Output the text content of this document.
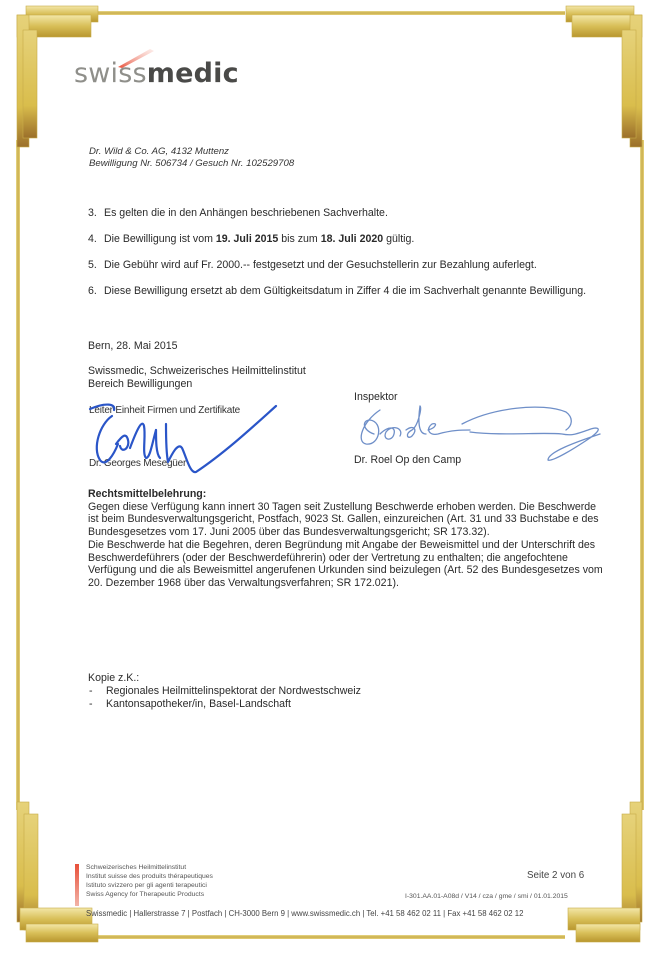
swissmedic
Dr. Wild & Co. AG, 4132 Muttenz
Bewilligung Nr. 506734 / Gesuch Nr. 102529708
3. Es gelten die in den Anhängen beschriebenen Sachverhalte.
4. Die Bewilligung ist vom 19. Juli 2015 bis zum 18. Juli 2020 gültig.
5. Die Gebühr wird auf Fr. 2000.-- festgesetzt und der Gesuchstellerin zur Bezahlung auferlegt.
6. Diese Bewilligung ersetzt ab dem Gültigkeitsdatum in Ziffer 4 die im Sachverhalt genannte Bewilligung.
Bern, 28. Mai 2015
Swissmedic, Schweizerisches Heilmittelinstitut
Bereich Bewilligungen
Leiter Einheit Firmen und Zertifikate
Dr. Georges Mesegüer
Inspektor
Dr. Roel Op den Camp
Rechtsmittelbelehrung:
Gegen diese Verfügung kann innert 30 Tagen seit Zustellung Beschwerde erhoben werden. Die Beschwerde ist beim Bundesverwaltungsgericht, Postfach, 9023 St. Gallen, einzureichen (Art. 31 und 33 Buchstabe e des Bundesgesetzes vom 17. Juni 2005 über das Bundesverwaltungsgericht; SR 173.32).
Die Beschwerde hat die Begehren, deren Begründung mit Angabe der Beweismittel und der Unterschrift des Beschwerdeführers (oder der Beschwerdeführerin) oder der Vertretung zu enthalten; die angefochtene Verfügung und die als Beweismittel angerufenen Urkunden sind beizulegen (Art. 52 des Bundesgesetzes vom 20. Dezember 1968 über das Verwaltungsverfahren; SR 172.021).
Kopie z.K.:
-	Regionales Heilmittelinspektorat der Nordwestschweiz
-	Kantonsapotheker/in, Basel-Landschaft
Schweizerisches Heilmittelinstitut
Institut suisse des produits thérapeutiques
Istituto svizzero per gli agenti terapeutici
Swiss Agency for Therapeutic Products
Seite 2 von 6
I-301.AA.01-A08d / V14 / cza / gme / smi / 01.01.2015
Swissmedic | Hallerstrasse 7 | Postfach | CH-3000 Bern 9 | www.swissmedic.ch | Tel. +41 58 462 02 11 | Fax +41 58 462 02 12
